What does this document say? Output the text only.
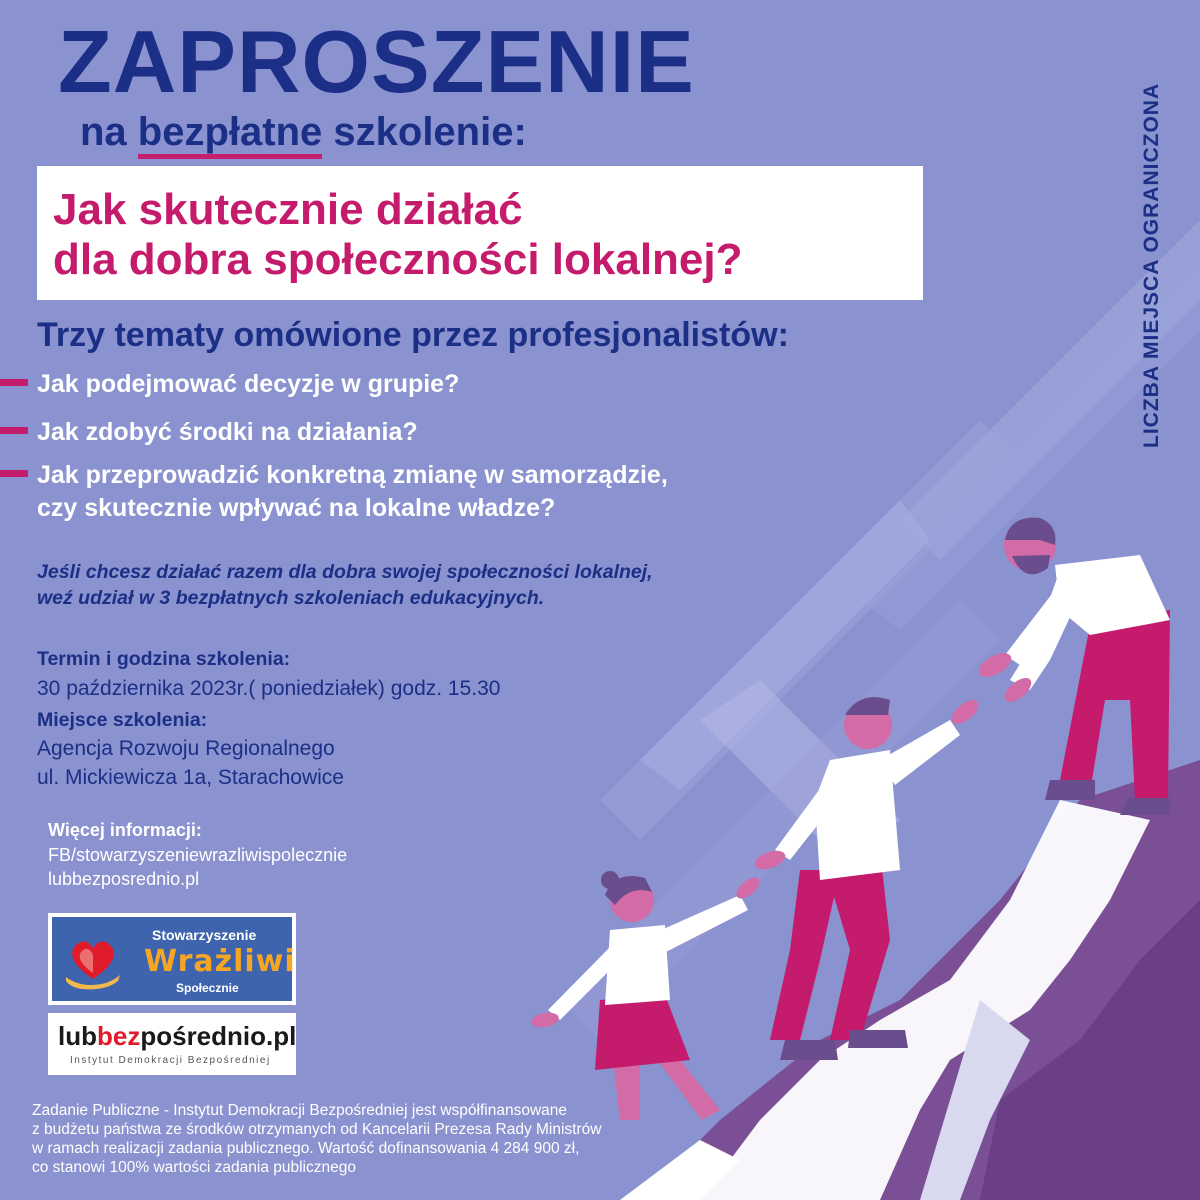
ZAPROSZENIE
na bezpłatne szkolenie:
Jak skutecznie działać
dla dobra społeczności lokalnej?
Trzy tematy omówione przez profesjonalistów:
Jak podejmować decyzje w grupie?
Jak zdobyć środki na działania?
Jak przeprowadzić konkretną zmianę w samorządzie,
czy skutecznie wpływać na lokalne władze?
Jeśli chcesz działać razem dla dobra swojej społeczności lokalnej,
weź udział w 3 bezpłatnych szkoleniach edukacyjnych.
Termin i godzina szkolenia:
30 października 2023r.( poniedziałek) godz. 15.30
Miejsce szkolenia:
Agencja Rozwoju Regionalnego
ul. Mickiewicza 1a, Starachowice
Więcej informacji:
FB/stowarzyszeniewrazliwispolecznie
lubbezposrednio.pl
LICZBA MIEJSCA OGRANICZONA
Stowarzyszenie
Wrażliwi
Społecznie
lubbezpośrednio.pl
Instytut Demokracji Bezpośredniej
Zadanie Publiczne - Instytut Demokracji Bezpośredniej jest współfinansowane
z budżetu państwa ze środków otrzymanych od Kancelarii Prezesa Rady Ministrów
w ramach realizacji zadania publicznego. Wartość dofinansowania 4 284 900 zł,
co stanowi 100% wartości zadania publicznego
